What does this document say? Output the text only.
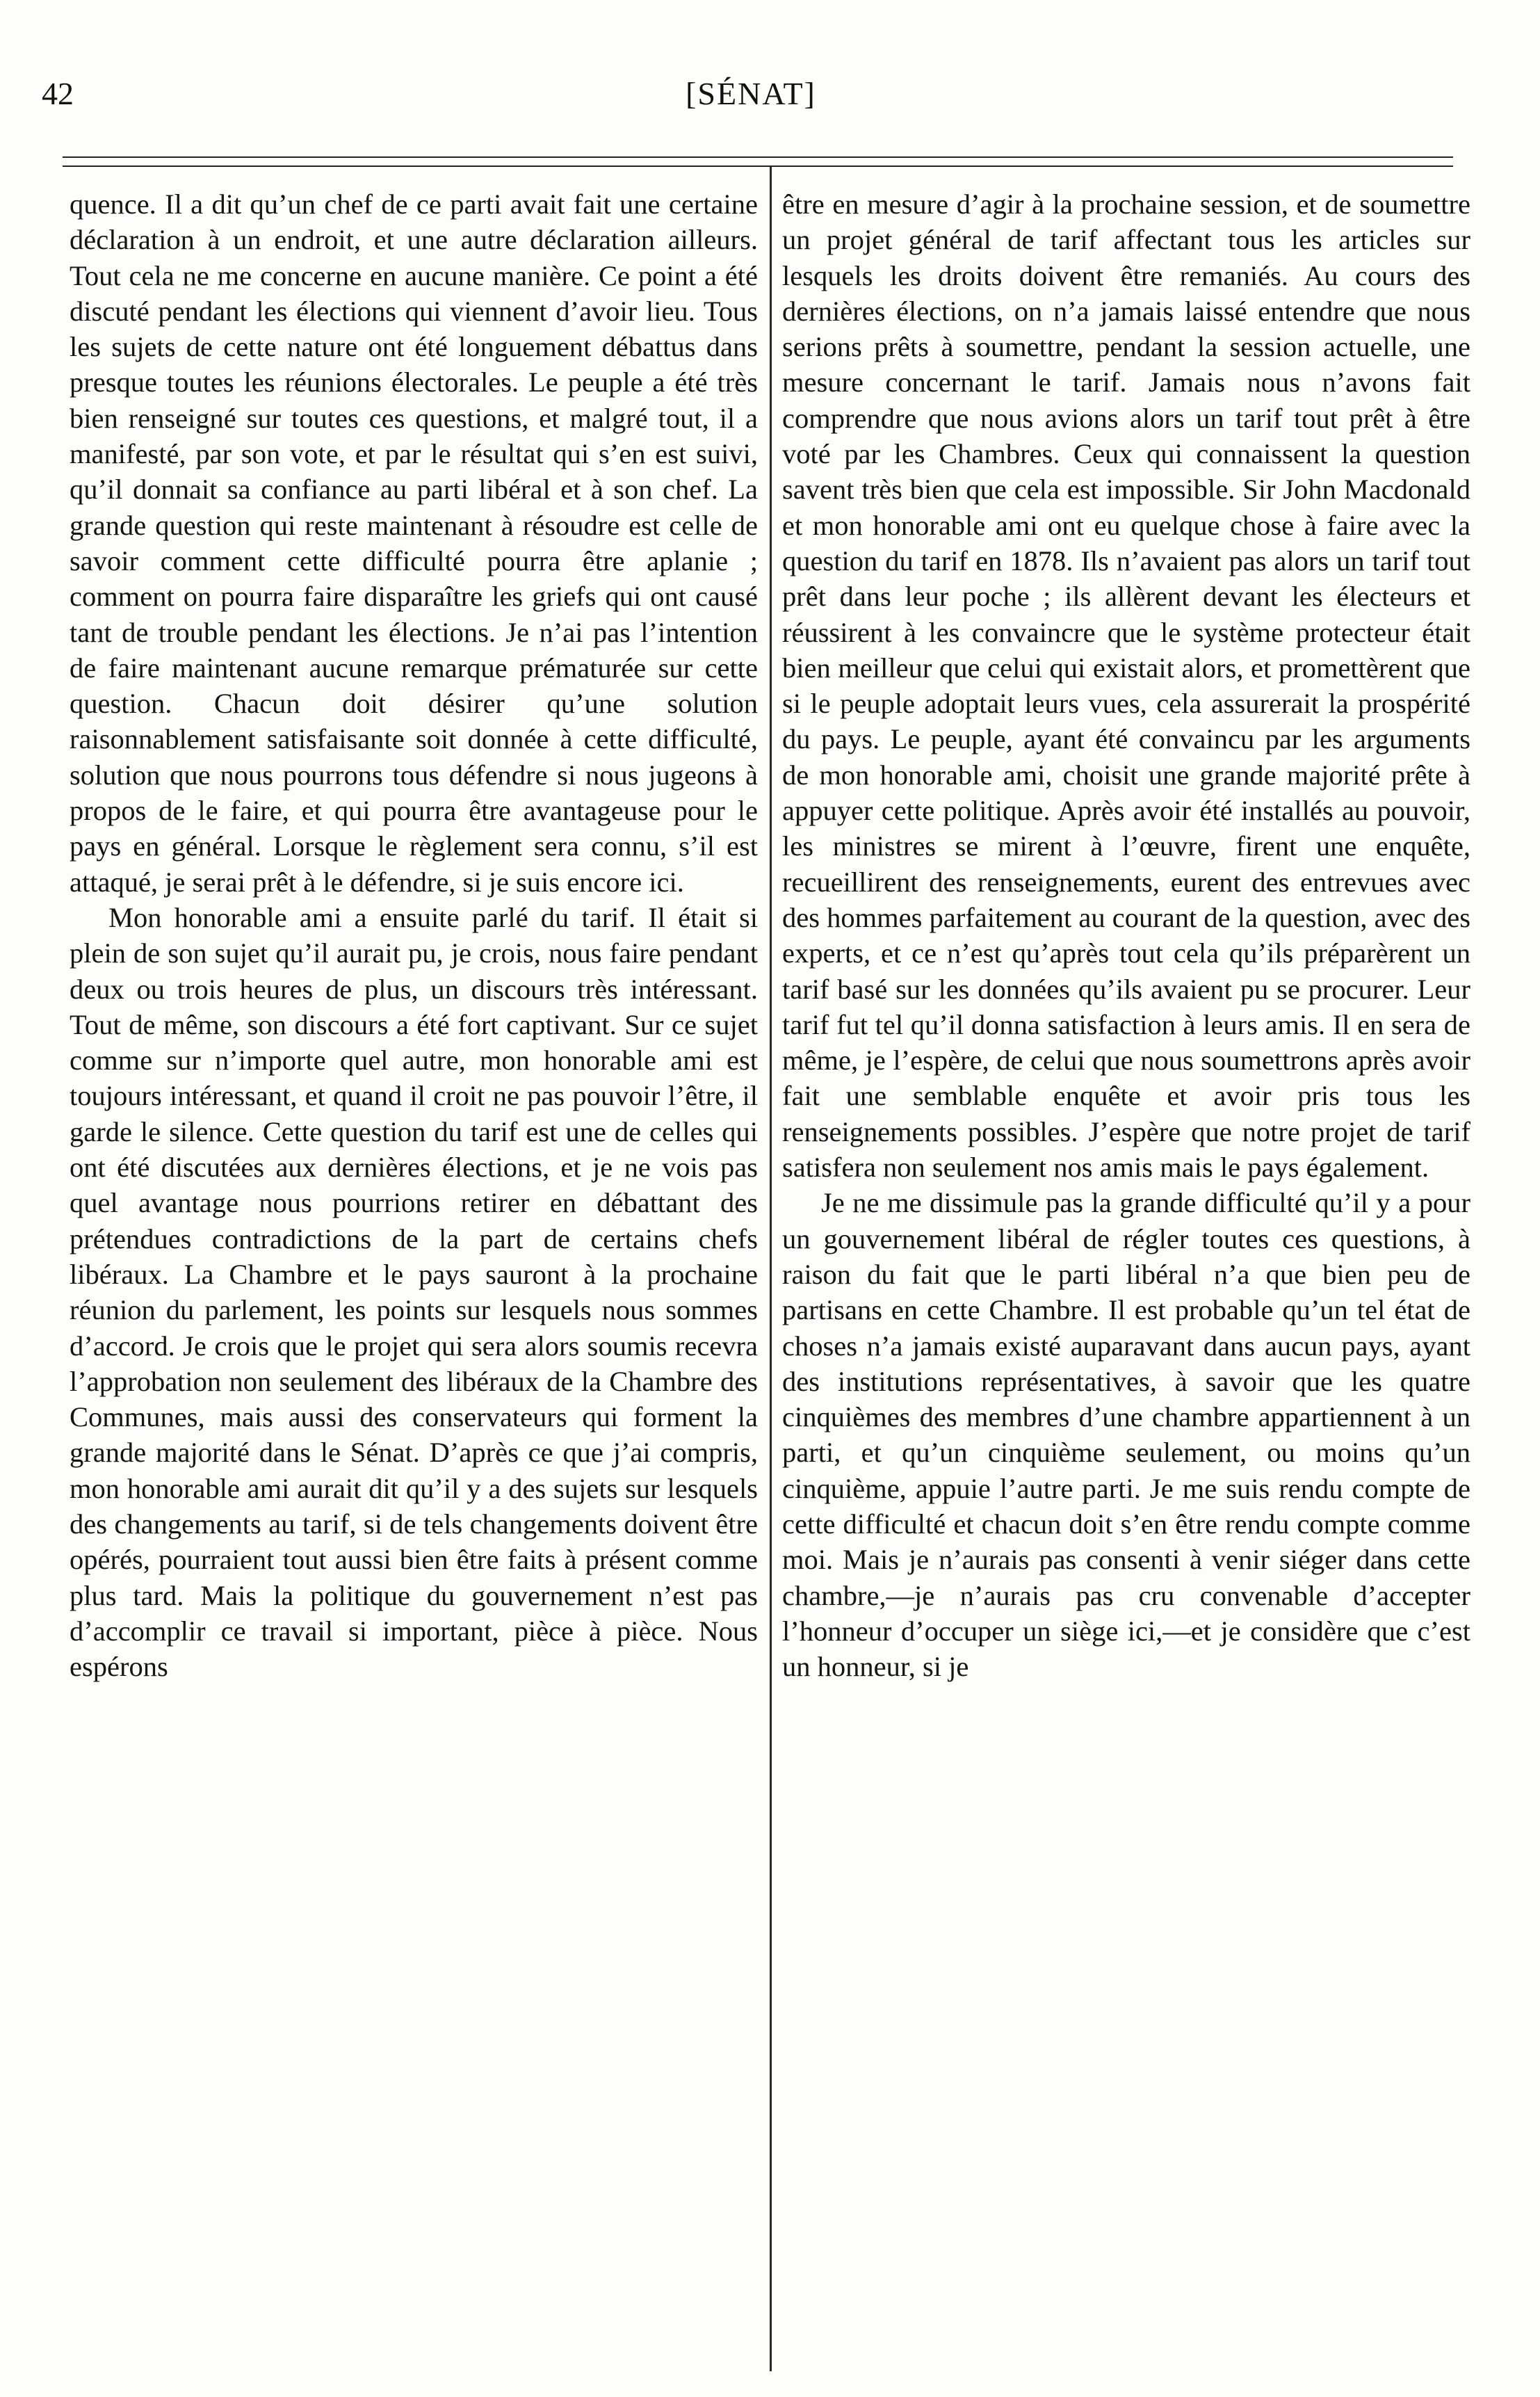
42	[SÉNAT]

quence. Il a dit qu’un chef de ce parti avait fait une certaine déclaration à un endroit, et une autre déclaration ailleurs. Tout cela ne me concerne en aucune manière. Ce point a été discuté pendant les élections qui viennent d’avoir lieu. Tous les sujets de cette nature ont été longuement débattus dans presque toutes les réunions électorales. Le peuple a été très bien renseigné sur toutes ces questions, et malgré tout, il a manifesté, par son vote, et par le résultat qui s’en est suivi, qu’il donnait sa confiance au parti libéral et à son chef. La grande question qui reste maintenant à résoudre est celle de savoir comment cette difficulté pourra être aplanie ; comment on pourra faire disparaître les griefs qui ont causé tant de trouble pendant les élections. Je n’ai pas l’intention de faire maintenant aucune remarque prématurée sur cette question. Chacun doit désirer qu’une solution raisonnablement satisfaisante soit donnée à cette difficulté, solution que nous pourrons tous défendre si nous jugeons à propos de le faire, et qui pourra être avantageuse pour le pays en général. Lorsque le règlement sera connu, s’il est attaqué, je serai prêt à le défendre, si je suis encore ici.

Mon honorable ami a ensuite parlé du tarif. Il était si plein de son sujet qu’il aurait pu, je crois, nous faire pendant deux ou trois heures de plus, un discours très intéressant. Tout de même, son discours a été fort captivant. Sur ce sujet comme sur n’importe quel autre, mon honorable ami est toujours intéressant, et quand il croit ne pas pouvoir l’être, il garde le silence. Cette question du tarif est une de celles qui ont été discutées aux dernières élections, et je ne vois pas quel avantage nous pourrions retirer en débattant des prétendues contradictions de la part de certains chefs libéraux. La Chambre et le pays sauront à la prochaine réunion du parlement, les points sur lesquels nous sommes d’accord. Je crois que le projet qui sera alors soumis recevra l’approbation non seulement des libéraux de la Chambre des Communes, mais aussi des conservateurs qui forment la grande majorité dans le Sénat. D’après ce que j’ai compris, mon honorable ami aurait dit qu’il y a des sujets sur lesquels des changements au tarif, si de tels changements doivent être opérés, pourraient tout aussi bien être faits à présent comme plus tard. Mais la politique du gouvernement n’est pas d’accomplir ce travail si important, pièce à pièce. Nous espérons

être en mesure d’agir à la prochaine session, et de soumettre un projet général de tarif affectant tous les articles sur lesquels les droits doivent être remaniés. Au cours des dernières élections, on n’a jamais laissé entendre que nous serions prêts à soumettre, pendant la session actuelle, une mesure concernant le tarif. Jamais nous n’avons fait comprendre que nous avions alors un tarif tout prêt à être voté par les Chambres. Ceux qui connaissent la question savent très bien que cela est impossible. Sir John Macdonald et mon honorable ami ont eu quelque chose à faire avec la question du tarif en 1878. Ils n’avaient pas alors un tarif tout prêt dans leur poche ; ils allèrent devant les électeurs et réussirent à les convaincre que le système protecteur était bien meilleur que celui qui existait alors, et promettèrent que si le peuple adoptait leurs vues, cela assurerait la prospérité du pays. Le peuple, ayant été convaincu par les arguments de mon honorable ami, choisit une grande majorité prête à appuyer cette politique. Après avoir été installés au pouvoir, les ministres se mirent à l’œuvre, firent une enquête, recueillirent des renseignements, eurent des entrevues avec des hommes parfaitement au courant de la question, avec des experts, et ce n’est qu’après tout cela qu’ils préparèrent un tarif basé sur les données qu’ils avaient pu se procurer. Leur tarif fut tel qu’il donna satisfaction à leurs amis. Il en sera de même, je l’espère, de celui que nous soumettrons après avoir fait une semblable enquête et avoir pris tous les renseignements possibles. J’espère que notre projet de tarif satisfera non seulement nos amis mais le pays également.

Je ne me dissimule pas la grande difficulté qu’il y a pour un gouvernement libéral de régler toutes ces questions, à raison du fait que le parti libéral n’a que bien peu de partisans en cette Chambre. Il est probable qu’un tel état de choses n’a jamais existé auparavant dans aucun pays, ayant des institutions représentatives, à savoir que les quatre cinquièmes des membres d’une chambre appartiennent à un parti, et qu’un cinquième seulement, ou moins qu’un cinquième, appuie l’autre parti. Je me suis rendu compte de cette difficulté et chacun doit s’en être rendu compte comme moi. Mais je n’aurais pas consenti à venir siéger dans cette chambre,—je n’aurais pas cru convenable d’accepter l’honneur d’occuper un siège ici,—et je considère que c’est un honneur, si je
